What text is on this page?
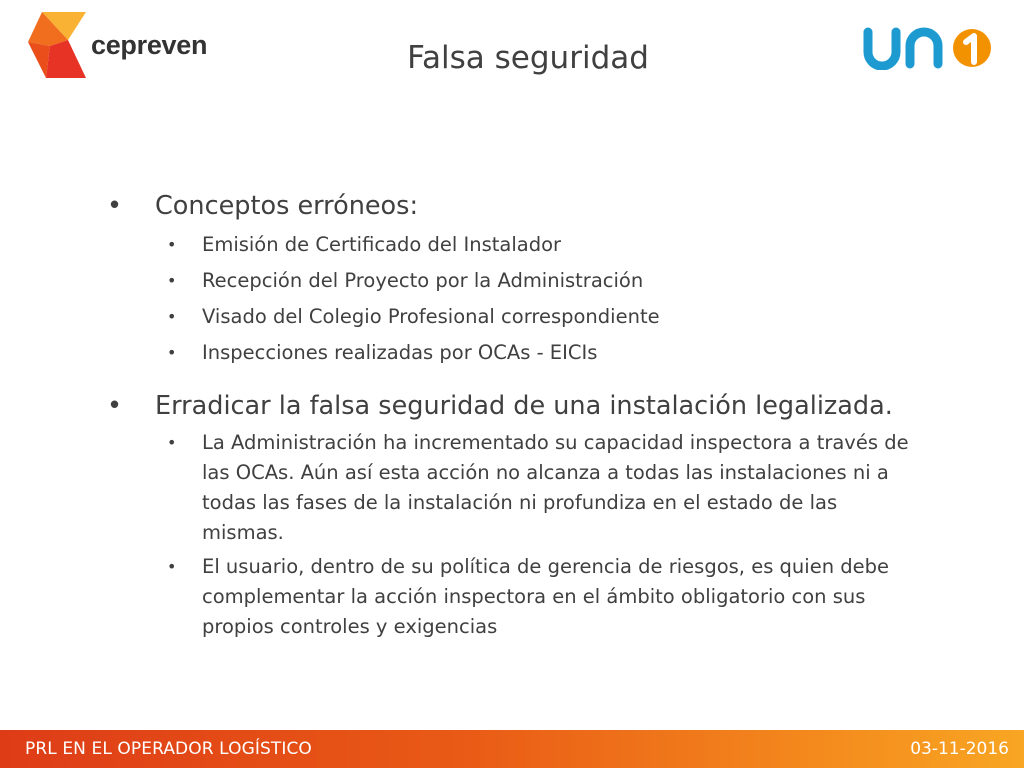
cepreven	Falsa seguridad
• Conceptos erróneos:
• Emisión de Certificado del Instalador
• Recepción del Proyecto por la Administración
• Visado del Colegio Profesional correspondiente
• Inspecciones realizadas por OCAs - EICIs
• Erradicar la falsa seguridad de una instalación legalizada.
• La Administración ha incrementado su capacidad inspectora a través de las OCAs. Aún así esta acción no alcanza a todas las instalaciones ni a todas las fases de la instalación ni profundiza en el estado de las mismas.
• El usuario, dentro de su política de gerencia de riesgos, es quien debe complementar la acción inspectora en el ámbito obligatorio con sus propios controles y exigencias
PRL EN EL OPERADOR LOGÍSTICO	03-11-2016
